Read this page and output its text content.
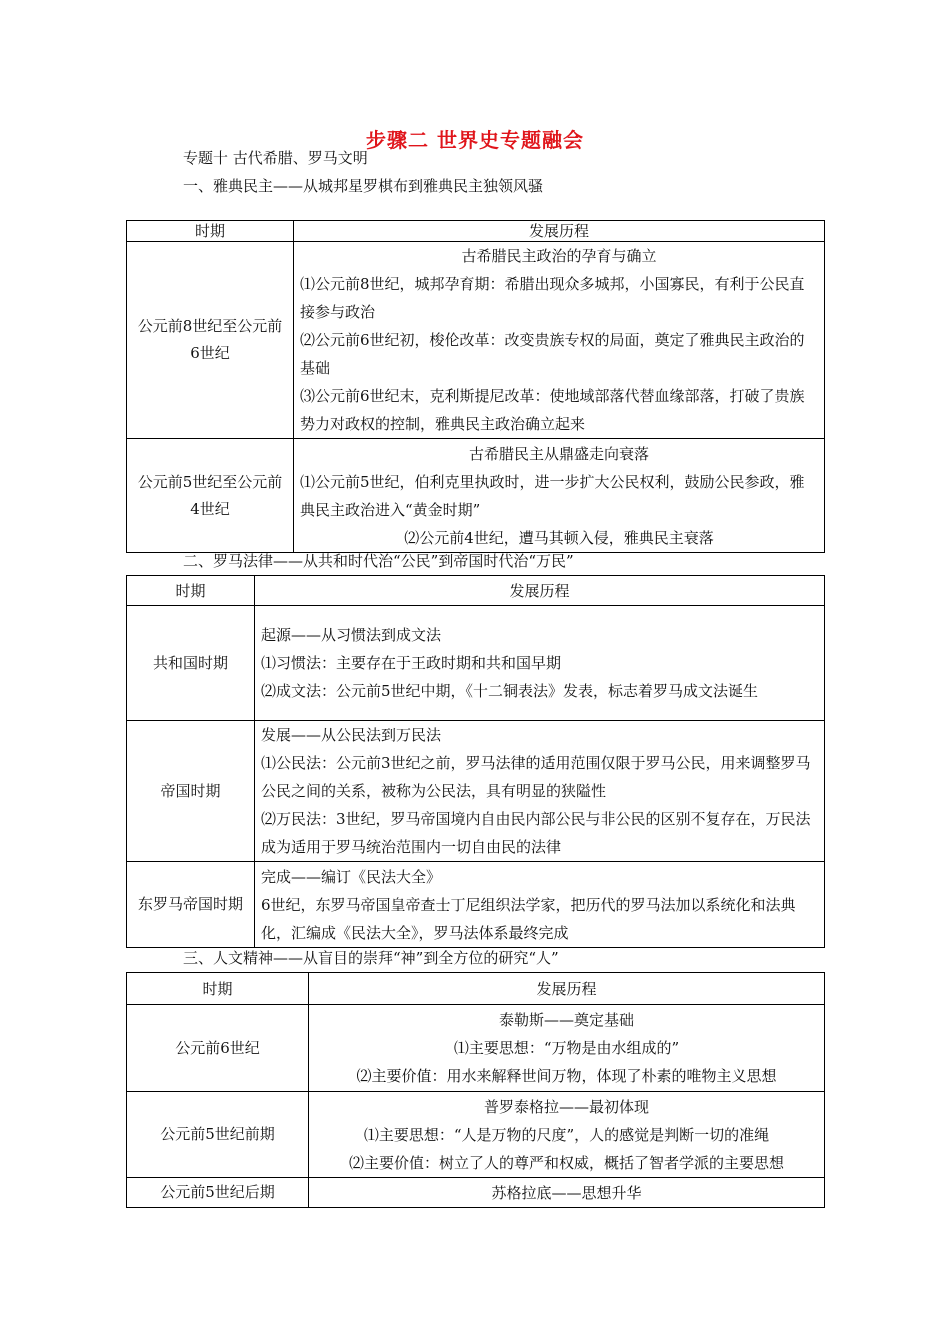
步骤二 世界史专题融会
专题十 古代希腊、罗马文明
一、雅典民主——从城邦星罗棋布到雅典民主独领风骚
时期	发展历程
公元前8世纪至公元前6世纪	古希腊民主政治的孕育与确立
⑴公元前8世纪，城邦孕育期：希腊出现众多城邦，小国寡民，有利于公民直接参与政治
⑵公元前6世纪初，梭伦改革：改变贵族专权的局面，奠定了雅典民主政治的基础
⑶公元前6世纪末，克利斯提尼改革：使地域部落代替血缘部落，打破了贵族势力对政权的控制，雅典民主政治确立起来

公元前5世纪至公元前4世纪	古希腊民主从鼎盛走向衰落
⑴公元前5世纪，伯利克里执政时，进一步扩大公民权利，鼓励公民参政，雅典民主政治进入“黄金时期”
⑵公元前4世纪，遭马其顿入侵，雅典民主衰落
二、罗马法律——从共和时代治“公民”到帝国时代治“万民”
时期	发展历程
共和国时期	起源——从习惯法到成文法
⑴习惯法：主要存在于王政时期和共和国早期
⑵成文法：公元前5世纪中期，《十二铜表法》发表，标志着罗马成文法诞生

帝国时期	发展——从公民法到万民法
⑴公民法：公元前3世纪之前，罗马法律的适用范围仅限于罗马公民，用来调整罗马公民之间的关系，被称为公民法，具有明显的狭隘性
⑵万民法：3世纪，罗马帝国境内自由民内部公民与非公民的区别不复存在，万民法成为适用于罗马统治范围内一切自由民的法律

东罗马帝国时期	完成——编订《民法大全》
6世纪，东罗马帝国皇帝查士丁尼组织法学家，把历代的罗马法加以系统化和法典化，汇编成《民法大全》，罗马法体系最终完成
三、人文精神——从盲目的崇拜“神”到全方位的研究“人”
时期	发展历程
公元前6世纪	泰勒斯——奠定基础
⑴主要思想：“万物是由水组成的”
⑵主要价值：用水来解释世间万物，体现了朴素的唯物主义思想

公元前5世纪前期	普罗泰格拉——最初体现
⑴主要思想：“人是万物的尺度”，人的感觉是判断一切的准绳
⑵主要价值：树立了人的尊严和权威，概括了智者学派的主要思想

公元前5世纪后期	苏格拉底——思想升华
